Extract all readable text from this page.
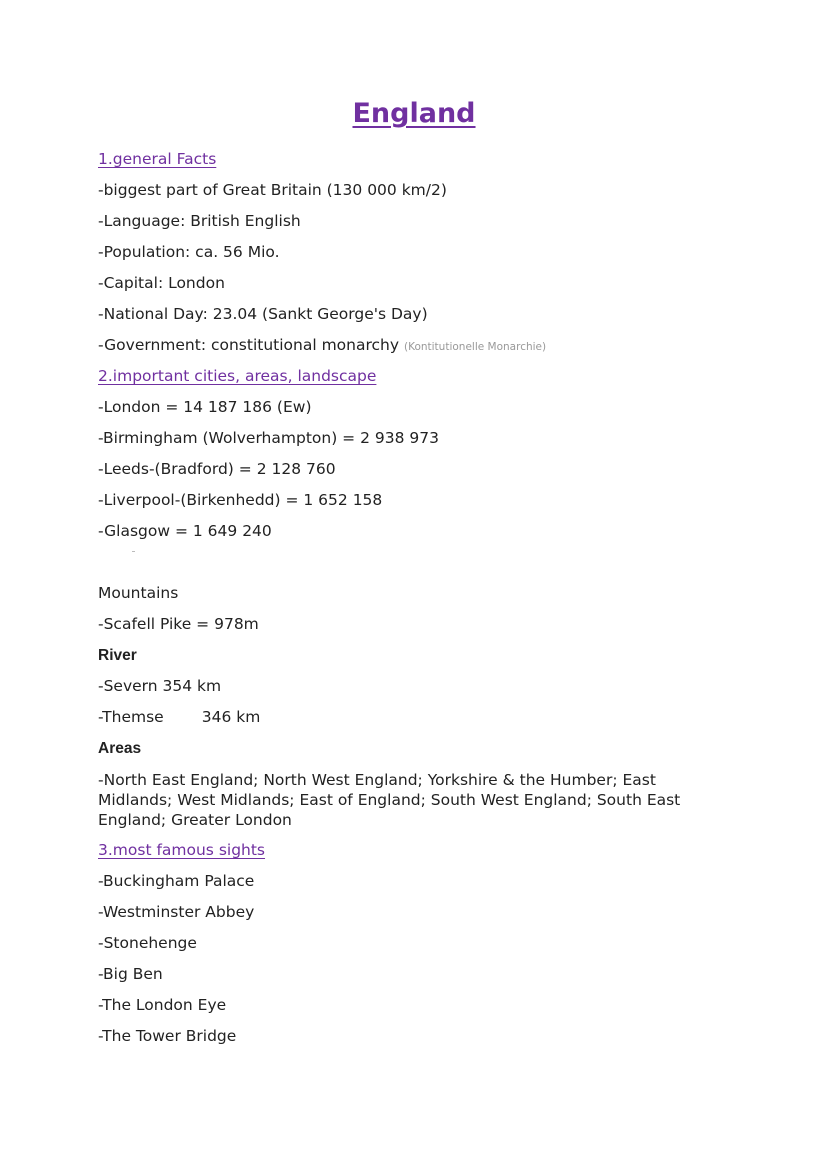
England
1.general Facts
-biggest part of Great Britain (130 000 km/2)
-Language: British English
-Population: ca. 56 Mio.
-Capital: London
-National Day: 23.04 (Sankt George's Day)
-Government: constitutional monarchy (Kontitutionelle Monarchie)
2.important cities, areas, landscape
-London = 14 187 186 (Ew)
-Birmingham (Wolverhampton) = 2 938 973
-Leeds-(Bradford) = 2 128 760
-Liverpool-(Birkenhedd) = 1 652 158
-Glasgow = 1 649 240
Mountains
-Scafell Pike = 978m
River
-Severn 354 km
-Themse 346 km
Areas

-North East England; North West England; Yorkshire & the Humber; East Midlands; West Midlands; East of England; South West England; South East England; Greater London

3.most famous sights
-Buckingham Palace
-Westminster Abbey
-Stonehenge
-Big Ben
-The London Eye
-The Tower Bridge
